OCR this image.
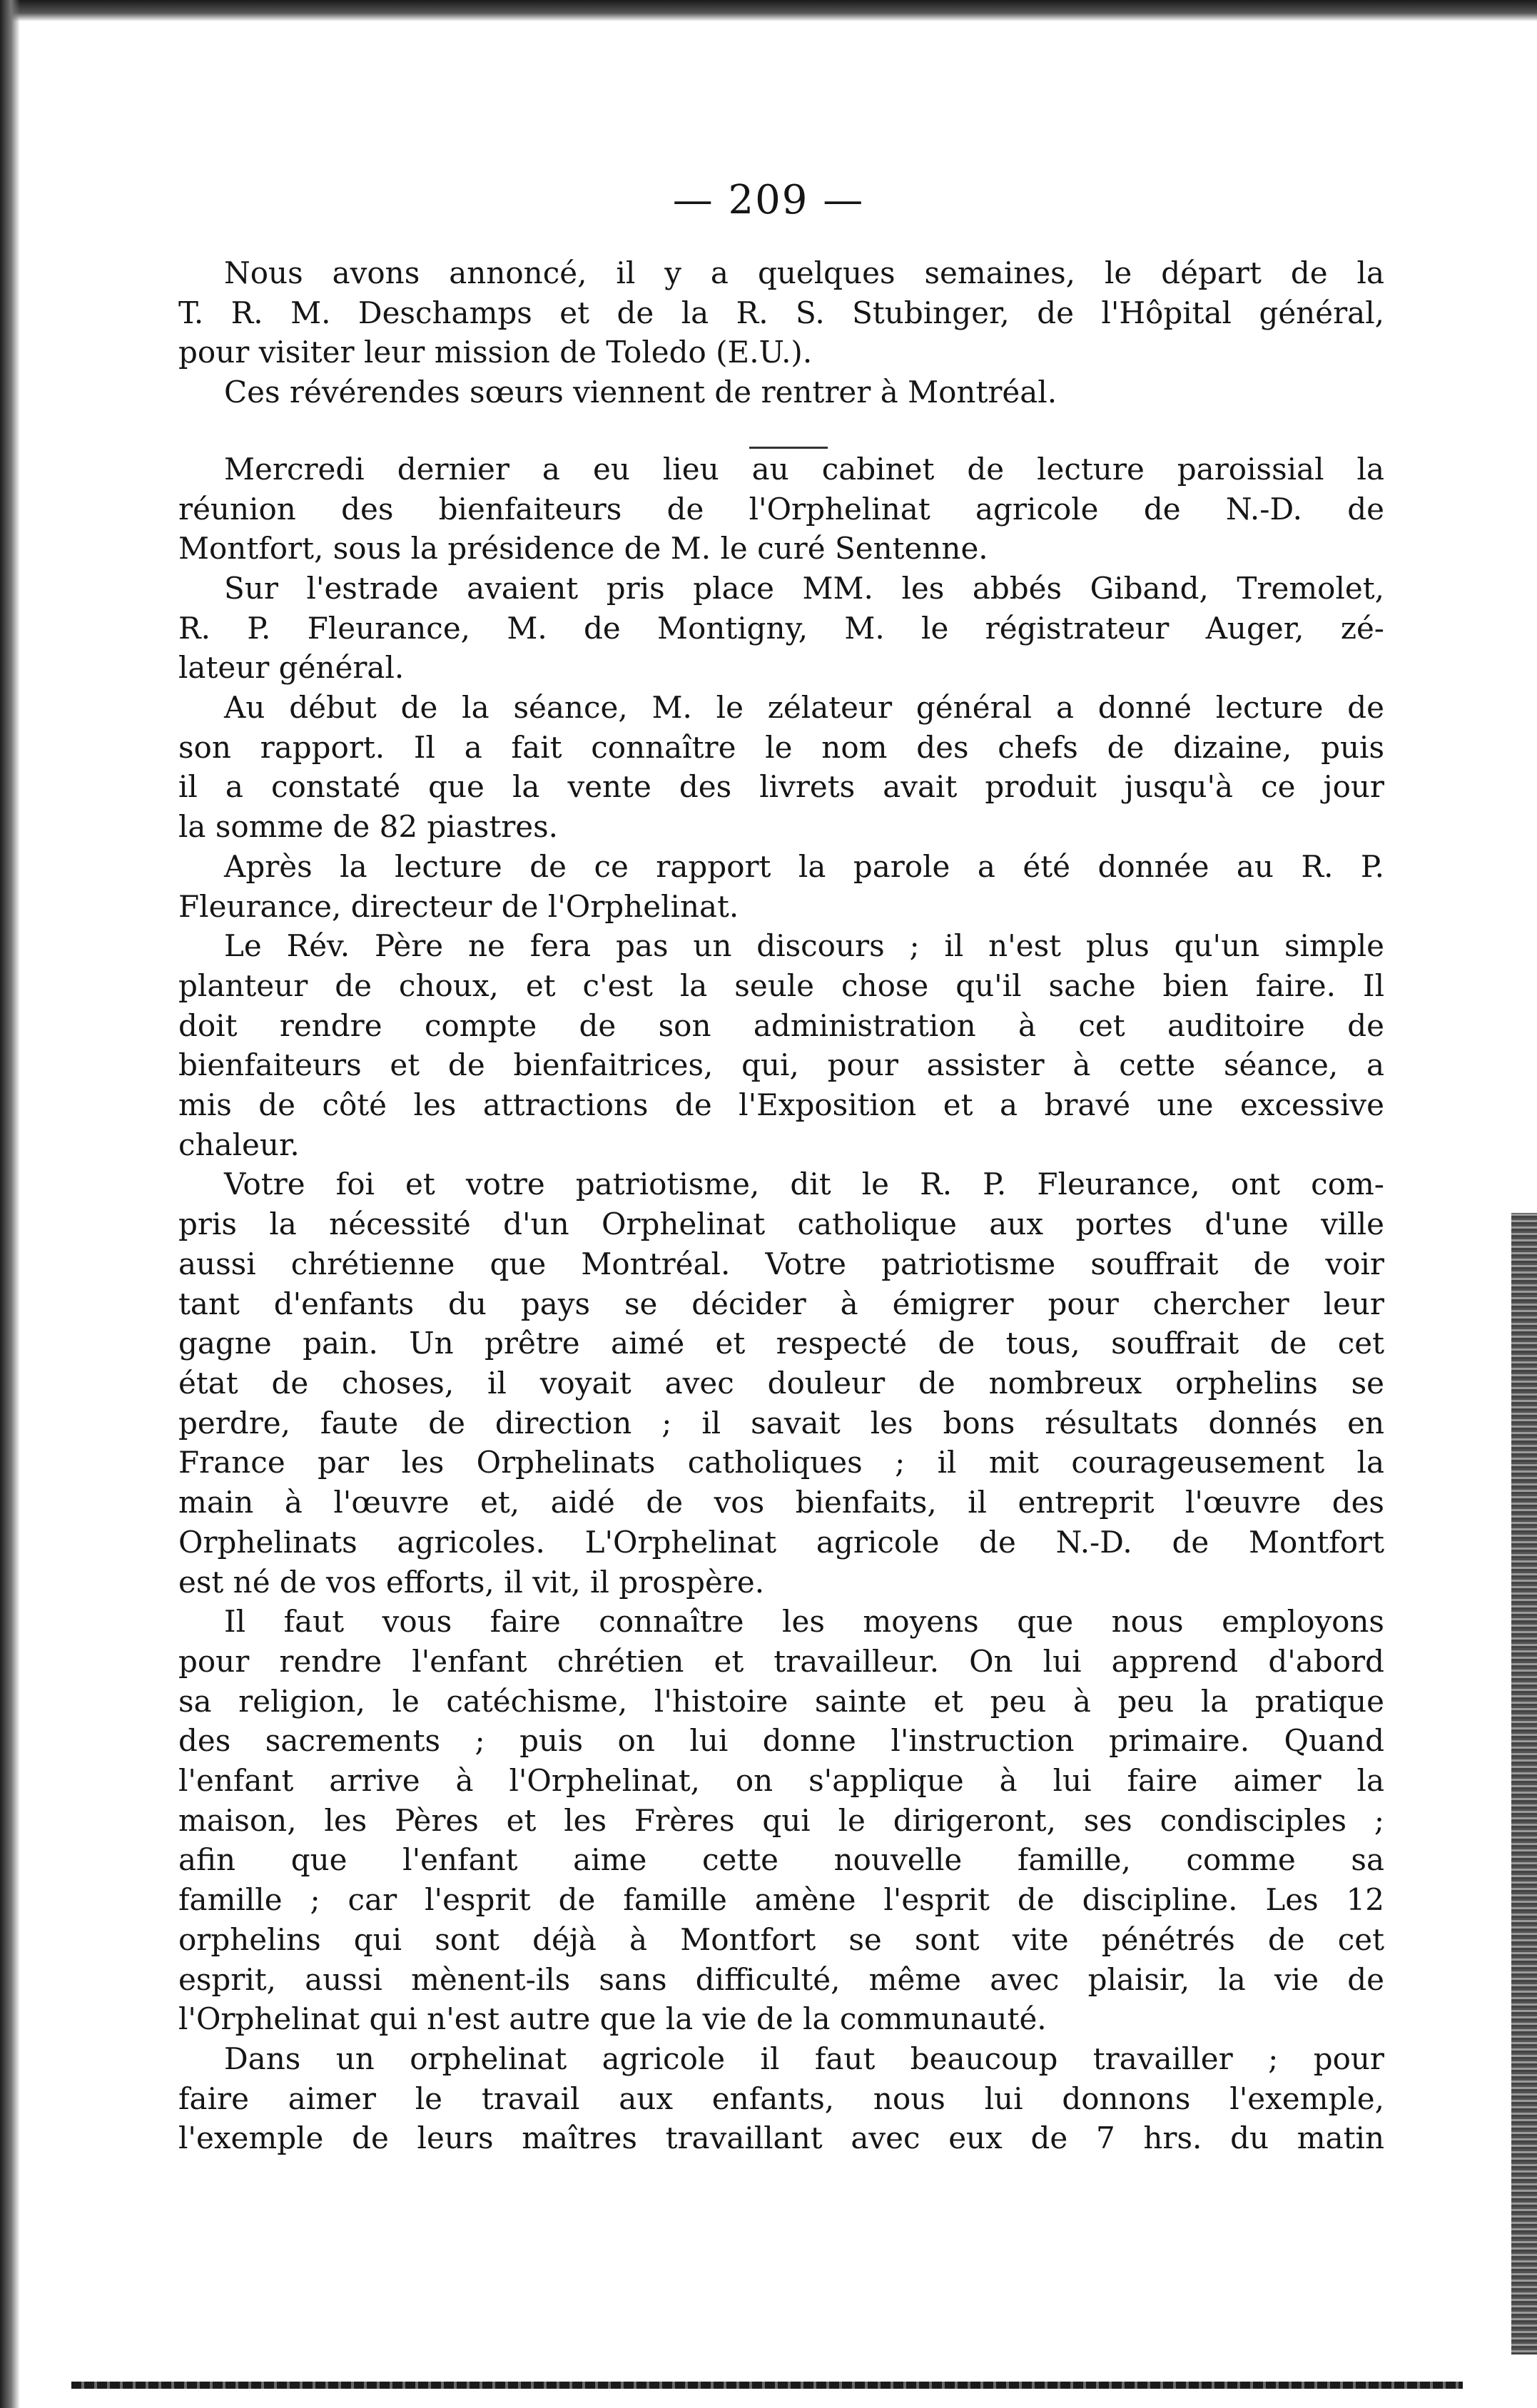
— 209 —
Nous avons annoncé, il y a quelques semaines, le départ de la
T. R. M. Deschamps et de la R. S. Stubinger, de l'Hôpital général,
pour visiter leur mission de Toledo (E.U.).
Ces révérendes sœurs viennent de rentrer à Montréal.
Mercredi dernier a eu lieu au cabinet de lecture paroissial la
réunion des bienfaiteurs de l'Orphelinat agricole de N.-D. de
Montfort, sous la présidence de M. le curé Sentenne.
Sur l'estrade avaient pris place MM. les abbés Giband, Tremolet,
R. P. Fleurance, M. de Montigny, M. le régistrateur Auger, zé-
lateur général.
Au début de la séance, M. le zélateur général a donné lecture de
son rapport. Il a fait connaître le nom des chefs de dizaine, puis
il a constaté que la vente des livrets avait produit jusqu'à ce jour
la somme de 82 piastres.
Après la lecture de ce rapport la parole a été donnée au R. P.
Fleurance, directeur de l'Orphelinat.
Le Rév. Père ne fera pas un discours ; il n'est plus qu'un simple
planteur de choux, et c'est la seule chose qu'il sache bien faire. Il
doit rendre compte de son administration à cet auditoire de
bienfaiteurs et de bienfaitrices, qui, pour assister à cette séance, a
mis de côté les attractions de l'Exposition et a bravé une excessive
chaleur.
Votre foi et votre patriotisme, dit le R. P. Fleurance, ont com-
pris la nécessité d'un Orphelinat catholique aux portes d'une ville
aussi chrétienne que Montréal. Votre patriotisme souffrait de voir
tant d'enfants du pays se décider à émigrer pour chercher leur
gagne pain. Un prêtre aimé et respecté de tous, souffrait de cet
état de choses, il voyait avec douleur de nombreux orphelins se
perdre, faute de direction ; il savait les bons résultats donnés en
France par les Orphelinats catholiques ; il mit courageusement la
main à l'œuvre et, aidé de vos bienfaits, il entreprit l'œuvre des
Orphelinats agricoles. L'Orphelinat agricole de N.-D. de Montfort
est né de vos efforts, il vit, il prospère.
Il faut vous faire connaître les moyens que nous employons
pour rendre l'enfant chrétien et travailleur. On lui apprend d'abord
sa religion, le catéchisme, l'histoire sainte et peu à peu la pratique
des sacrements ; puis on lui donne l'instruction primaire. Quand
l'enfant arrive à l'Orphelinat, on s'applique à lui faire aimer la
maison, les Pères et les Frères qui le dirigeront, ses condisciples ;
afin que l'enfant aime cette nouvelle famille, comme sa
famille ; car l'esprit de famille amène l'esprit de discipline. Les 12
orphelins qui sont déjà à Montfort se sont vite pénétrés de cet
esprit, aussi mènent-ils sans difficulté, même avec plaisir, la vie de
l'Orphelinat qui n'est autre que la vie de la communauté.
Dans un orphelinat agricole il faut beaucoup travailler ; pour
faire aimer le travail aux enfants, nous lui donnons l'exemple,
l'exemple de leurs maîtres travaillant avec eux de 7 hrs. du matin
